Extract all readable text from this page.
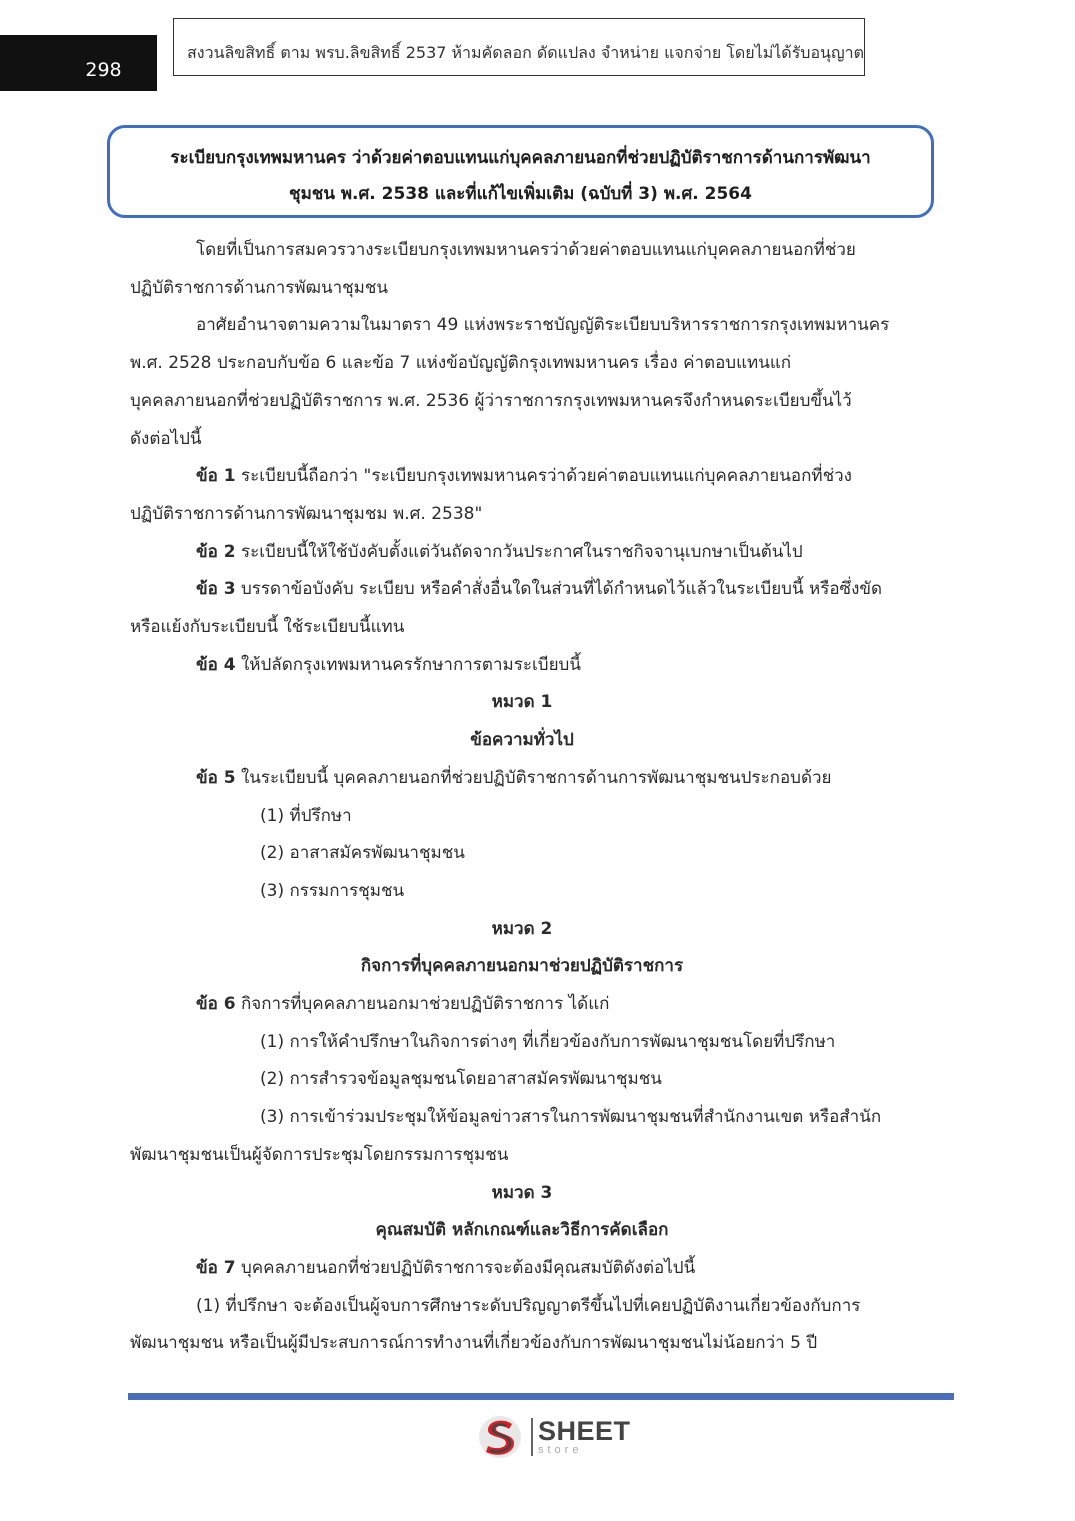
298
สงวนลิขสิทธิ์ ตาม พรบ.ลิขสิทธิ์ 2537 ห้ามคัดลอก ดัดแปลง จำหน่าย แจกจ่าย โดยไม่ได้รับอนุญาต
ระเบียบกรุงเทพมหานคร ว่าด้วยค่าตอบแทนแก่บุคคลภายนอกที่ช่วยปฏิบัติราชการด้านการพัฒนา
ชุมชน พ.ศ. 2538 และที่แก้ไขเพิ่มเติม (ฉบับที่ 3) พ.ศ. 2564

โดยที่เป็นการสมควรวางระเบียบกรุงเทพมหานครว่าด้วยค่าตอบแทนแก่บุคคลภายนอกที่ช่วย

ปฏิบัติราชการด้านการพัฒนาชุมชน

อาศัยอำนาจตามความในมาตรา 49 แห่งพระราชบัญญัติระเบียบบริหารราชการกรุงเทพมหานคร

พ.ศ. 2528 ประกอบกับข้อ 6 และข้อ 7 แห่งข้อบัญญัติกรุงเทพมหานคร เรื่อง ค่าตอบแทนแก่

บุคคลภายนอกที่ช่วยปฏิบัติราชการ พ.ศ. 2536 ผู้ว่าราชการกรุงเทพมหานครจึงกำหนดระเบียบขึ้นไว้

ดังต่อไปนี้

ข้อ 1 ระเบียบนี้ถือกว่า "ระเบียบกรุงเทพมหานครว่าด้วยค่าตอบแทนแก่บุคคลภายนอกที่ช่วง

ปฏิบัติราชการด้านการพัฒนาชุมชม พ.ศ. 2538"

ข้อ 2 ระเบียบนี้ให้ใช้บังคับตั้งแต่วันถัดจากวันประกาศในราชกิจจานุเบกษาเป็นต้นไป

ข้อ 3 บรรดาข้อบังคับ ระเบียบ หรือคำสั่งอื่นใดในส่วนที่ได้กำหนดไว้แล้วในระเบียบนี้ หรือซึ่งขัด

หรือแย้งกับระเบียบนี้ ใช้ระเบียบนี้แทน

ข้อ 4 ให้ปลัดกรุงเทพมหานครรักษาการตามระเบียบนี้

หมวด 1

ข้อความทั่วไป

ข้อ 5 ในระเบียบนี้ บุคคลภายนอกที่ช่วยปฏิบัติราชการด้านการพัฒนาชุมชนประกอบด้วย

(1) ที่ปรึกษา

(2) อาสาสมัครพัฒนาชุมชน

(3) กรรมการชุมชน

หมวด 2

กิจการที่บุคคลภายนอกมาช่วยปฏิบัติราชการ

ข้อ 6 กิจการที่บุคคลภายนอกมาช่วยปฏิบัติราชการ ได้แก่

(1) การให้คำปรึกษาในกิจการต่างๆ ที่เกี่ยวข้องกับการพัฒนาชุมชนโดยที่ปรึกษา

(2) การสำรวจข้อมูลชุมชนโดยอาสาสมัครพัฒนาชุมชน

(3) การเข้าร่วมประชุมให้ข้อมูลข่าวสารในการพัฒนาชุมชนที่สำนักงานเขต หรือสำนัก

พัฒนาชุมชนเป็นผู้จัดการประชุมโดยกรรมการชุมชน

หมวด 3

คุณสมบัติ หลักเกณฑ์และวิธีการคัดเลือก

ข้อ 7 บุคคลภายนอกที่ช่วยปฏิบัติราชการจะต้องมีคุณสมบัติดังต่อไปนี้

(1) ที่ปรึกษา จะต้องเป็นผู้จบการศึกษาระดับปริญญาตรีขึ้นไปที่เคยปฏิบัติงานเกี่ยวข้องกับการ

พัฒนาชุมชน หรือเป็นผู้มีประสบการณ์การทำงานที่เกี่ยวข้องกับการพัฒนาชุมชนไม่น้อยกว่า 5 ปี

SHEET
store
